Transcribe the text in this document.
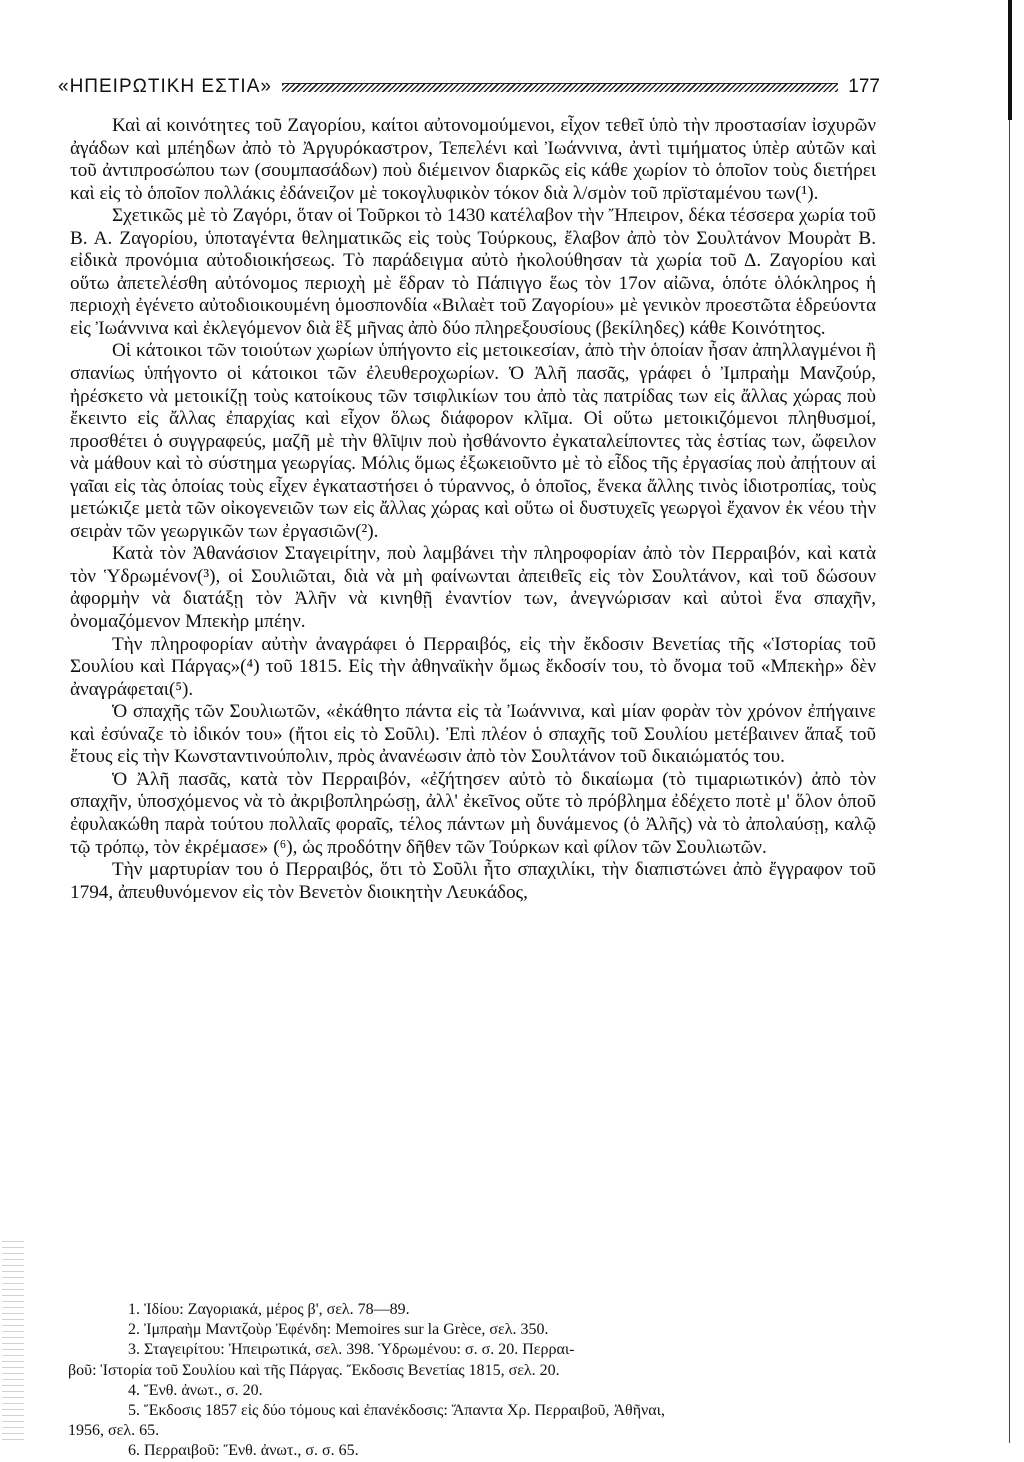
«ΗΠΕΙΡΩΤΙΚΗ ΕΣΤΙΑ»	177

Καὶ αἱ κοινότητες τοῦ Ζαγορίου, καίτοι αὐτονομούμενοι, εἶχον τεθεῖ ὑπὸ τὴν προστασίαν ἰσχυρῶν ἀγάδων καὶ μπέηδων ἀπὸ τὸ Ἀργυρόκαστρον, Τεπελένι καὶ Ἰωάννινα, ἀντὶ τιμήματος ὑπὲρ αὐτῶν καὶ τοῦ ἀντιπροσώπου των (σουμπασάδων) ποὺ διέμεινον διαρκῶς εἰς κάθε χωρίον τὸ ὁποῖον τοὺς διετήρει καὶ εἰς τὸ ὁποῖον πολλάκις ἐδάνειζον μὲ τοκογλυφικὸν τόκον διὰ λ/σμὸν τοῦ πρϊσταμένου των(¹).

Σχετικῶς μὲ τὸ Ζαγόρι, ὅταν οἱ Τοῦρκοι τὸ 1430 κατέλαβον τὴν Ἤπειρον, δέκα τέσσερα χωρία τοῦ Β. Α. Ζαγορίου, ὑποταγέντα θεληματικῶς εἰς τοὺς Τούρκους, ἔλαβον ἀπὸ τὸν Σουλτάνον Μουρὰτ Β. εἰδικὰ προνόμια αὐτοδιοικήσεως. Τὸ παράδειγμα αὐτὸ ἠκολούθησαν τὰ χωρία τοῦ Δ. Ζαγορίου καὶ οὕτω ἀπετελέσθη αὐτόνομος περιοχὴ μὲ ἕδραν τὸ Πάπιγγο ἕως τὸν 17ον αἰῶνα, ὁπότε ὁλόκληρος ἡ περιοχὴ ἐγένετο αὐτοδιοικουμένη ὁμοσπονδία «Βιλαὲτ τοῦ Ζαγορίου» μὲ γενικὸν προεστῶτα ἑδρεύοντα εἰς Ἰωάννινα καὶ ἐκλεγόμενον διὰ ἓξ μῆνας ἀπὸ δύο πληρεξουσίους (βεκίληδες) κάθε Κοινότητος.

Οἱ κάτοικοι τῶν τοιούτων χωρίων ὑπήγοντο εἰς μετοικεσίαν, ἀπὸ τὴν ὁποίαν ἦσαν ἀπηλλαγμένοι ἢ σπανίως ὑπήγοντο οἱ κάτοικοι τῶν ἐλευθεροχωρίων. Ὁ Ἀλῆ πασᾶς, γράφει ὁ Ἰμπραὴμ Μανζούρ, ἠρέσκετο νὰ μετοικίζῃ τοὺς κατοίκους τῶν τσιφλικίων του ἀπὸ τὰς πατρίδας των εἰς ἄλλας χώρας ποὺ ἔκειντο εἰς ἄλλας ἐπαρχίας καὶ εἶχον ὅλως διάφορον κλῖμα. Οἱ οὕτω μετοικιζόμενοι πληθυσμοί, προσθέτει ὁ συγγραφεύς, μαζῆ μὲ τὴν θλῖψιν ποὺ ἠσθάνοντο ἐγκαταλείποντες τὰς ἑστίας των, ὤφειλον νὰ μάθουν καὶ τὸ σύστημα γεωργίας. Μόλις ὅμως ἐξωκειοῦντο μὲ τὸ εἶδος τῆς ἐργασίας ποὺ ἀπῄτουν αἱ γαῖαι εἰς τὰς ὁποίας τοὺς εἶχεν ἐγκαταστήσει ὁ τύραννος, ὁ ὁποῖος, ἕνεκα ἄλλης τινὸς ἰδιοτροπίας, τοὺς μετώκιζε μετὰ τῶν οἰκογενειῶν των εἰς ἄλλας χώρας καὶ οὕτω οἱ δυστυχεῖς γεωργοὶ ἔχανον ἐκ νέου τὴν σειρὰν τῶν γεωργικῶν των ἐργασιῶν(²).

Κατὰ τὸν Ἀθανάσιον Σταγειρίτην, ποὺ λαμβάνει τὴν πληροφορίαν ἀπὸ τὸν Περραιβόν, καὶ κατὰ τὸν Ὑδρωμένον(³), οἱ Σουλιῶται, διὰ νὰ μὴ φαίνωνται ἀπειθεῖς εἰς τὸν Σουλτάνον, καὶ τοῦ δώσουν ἀφορμὴν νὰ διατάξῃ τὸν Ἀλῆν νὰ κινηθῇ ἐναντίον των, ἀνεγνώρισαν καὶ αὐτοὶ ἕνα σπαχῆν, ὀνομαζόμενον Μπεκὴρ μπέην.

Τὴν πληροφορίαν αὐτὴν ἀναγράφει ὁ Περραιβός, εἰς τὴν ἔκδοσιν Βενετίας τῆς «Ἱστορίας τοῦ Σουλίου καὶ Πάργας»(⁴) τοῦ 1815. Εἰς τὴν ἀθηναϊκὴν ὅμως ἔκδοσίν του, τὸ ὄνομα τοῦ «Μπεκὴρ» δὲν ἀναγράφεται(⁵).

Ὁ σπαχῆς τῶν Σουλιωτῶν, «ἐκάθητο πάντα εἰς τὰ Ἰωάννινα, καὶ μίαν φορὰν τὸν χρόνον ἐπήγαινε καὶ ἐσύναζε τὸ ἰδικόν του» (ἤτοι εἰς τὸ Σοῦλι). Ἐπὶ πλέον ὁ σπαχῆς τοῦ Σουλίου μετέβαινεν ἅπαξ τοῦ ἔτους εἰς τὴν Κωνσταντινούπολιν, πρὸς ἀνανέωσιν ἀπὸ τὸν Σουλτάνον τοῦ δικαιώματός του.

Ὁ Ἀλῆ πασᾶς, κατὰ τὸν Περραιβόν, «ἐζήτησεν αὐτὸ τὸ δικαίωμα (τὸ τιμαριωτικόν) ἀπὸ τὸν σπαχῆν, ὑποσχόμενος νὰ τὸ ἀκριβοπληρώσῃ, ἀλλ' ἐκεῖνος οὔτε τὸ πρόβλημα ἐδέχετο ποτὲ μ' ὅλον ὁποῦ ἐφυλακώθη παρὰ τούτου πολλαῖς φοραῖς, τέλος πάντων μὴ δυνάμενος (ὁ Ἀλῆς) νὰ τὸ ἀπολαύσῃ, καλῷ τῷ τρόπῳ, τὸν ἐκρέμασε» (⁶), ὡς προδότην δῆθεν τῶν Τούρκων καὶ φίλον τῶν Σουλιωτῶν.

Τὴν μαρτυρίαν του ὁ Περραιβός, ὅτι τὸ Σοῦλι ἦτο σπαχιλίκι, τὴν διαπιστώνει ἀπὸ ἔγγραφον τοῦ 1794, ἀπευθυνόμενον εἰς τὸν Βενετὸν διοικητὴν Λευκάδος,

1. Ἰδίου: Ζαγοριακά, μέρος β', σελ. 78—89.

2. Ἰμπραὴμ Μαντζοὺρ Ἐφένδη: Memoires sur la Grèce, σελ. 350.

3. Σταγειρίτου: Ἠπειρωτικά, σελ. 398. Ὑδρωμένου: σ. σ. 20. Περραι-

βοῦ: Ἱστορία τοῦ Σουλίου καὶ τῆς Πάργας. Ἔκδοσις Βενετίας 1815, σελ. 20.

4. Ἔνθ. ἀνωτ., σ. 20.

5. Ἔκδοσις 1857 εἰς δύο τόμους καὶ ἐπανέκδοσις: Ἅπαντα Χρ. Περραιβοῦ, Ἀθῆναι,

1956, σελ. 65.

6. Περραιβοῦ: Ἔνθ. ἀνωτ., σ. σ. 65.
